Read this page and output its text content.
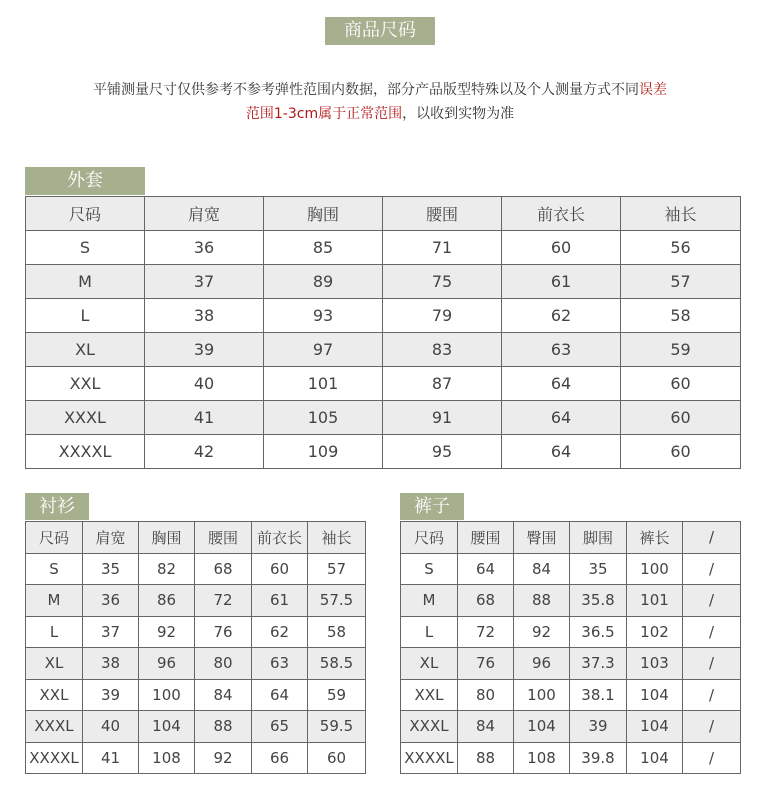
商品尺码
平铺测量尺寸仅供参考不参考弹性范围内数据，部分产品版型特殊以及个人测量方式不同误差
范围1-3cm属于正常范围，以收到实物为准
外套
尺码	肩宽	胸围	腰围	前衣长	袖长
S	36	85	71	60	56
M	37	89	75	61	57
L	38	93	79	62	58
XL	39	97	83	63	59
XXL	40	101	87	64	60
XXXL	41	105	91	64	60
XXXXL	42	109	95	64	60
衬衫
尺码	肩宽	胸围	腰围	前衣长	袖长
S	35	82	68	60	57
M	36	86	72	61	57.5
L	37	92	76	62	58
XL	38	96	80	63	58.5
XXL	39	100	84	64	59
XXXL	40	104	88	65	59.5
XXXXL	41	108	92	66	60
裤子
尺码	腰围	臀围	脚围	裤长	/
S	64	84	35	100	/
M	68	88	35.8	101	/
L	72	92	36.5	102	/
XL	76	96	37.3	103	/
XXL	80	100	38.1	104	/
XXXL	84	104	39	104	/
XXXXL	88	108	39.8	104	/
